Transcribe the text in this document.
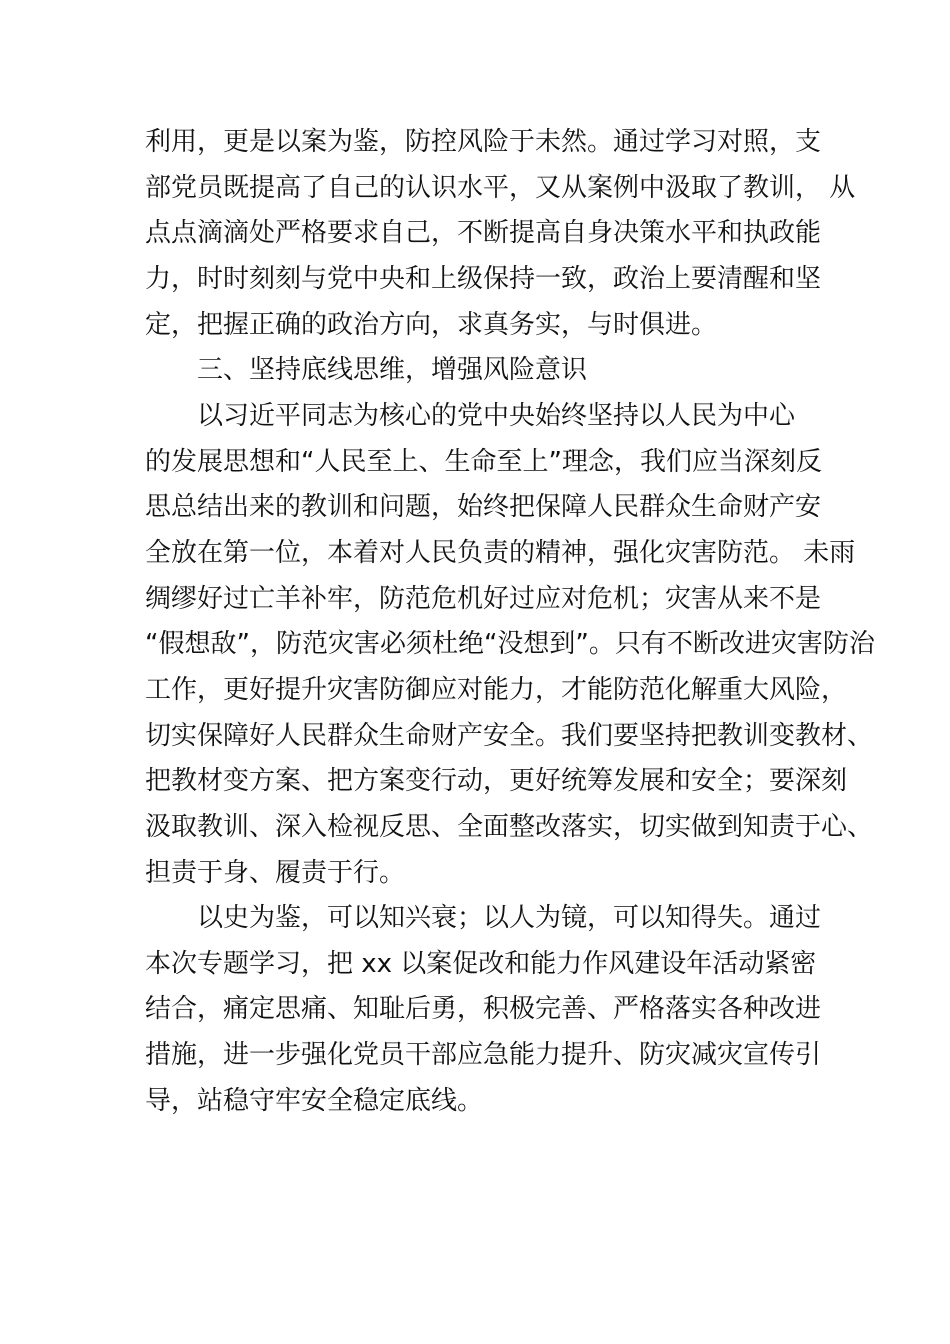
利用，更是以案为鉴，防控风险于未然。通过学习对照，支
部党员既提高了自己的认识水平，又从案例中汲取了教训， 从
点点滴滴处严格要求自己，不断提高自身决策水平和执政能
力，时时刻刻与党中央和上级保持一致，政治上要清醒和坚
定，把握正确的政治方向，求真务实，与时俱进。
三、坚持底线思维，增强风险意识
以习近平同志为核心的党中央始终坚持以人民为中心
的发展思想和“人民至上、生命至上”理念，我们应当深刻反
思总结出来的教训和问题，始终把保障人民群众生命财产安
全放在第一位，本着对人民负责的精神，强化灾害防范。 未雨
绸缪好过亡羊补牢，防范危机好过应对危机；灾害从来不是
“假想敌”，防范灾害必须杜绝“没想到”。只有不断改进灾害防治
工作，更好提升灾害防御应对能力，才能防范化解重大风险，
切实保障好人民群众生命财产安全。我们要坚持把教训变教材、
把教材变方案、把方案变行动，更好统筹发展和安全；要深刻
汲取教训、深入检视反思、全面整改落实，切实做到知责于心、
担责于身、履责于行。
以史为鉴，可以知兴衰；以人为镜，可以知得失。通过
本次专题学习，把 xx 以案促改和能力作风建设年活动紧密
结合，痛定思痛、知耻后勇，积极完善、严格落实各种改进
措施，进一步强化党员干部应急能力提升、防灾减灾宣传引
导，站稳守牢安全稳定底线。
